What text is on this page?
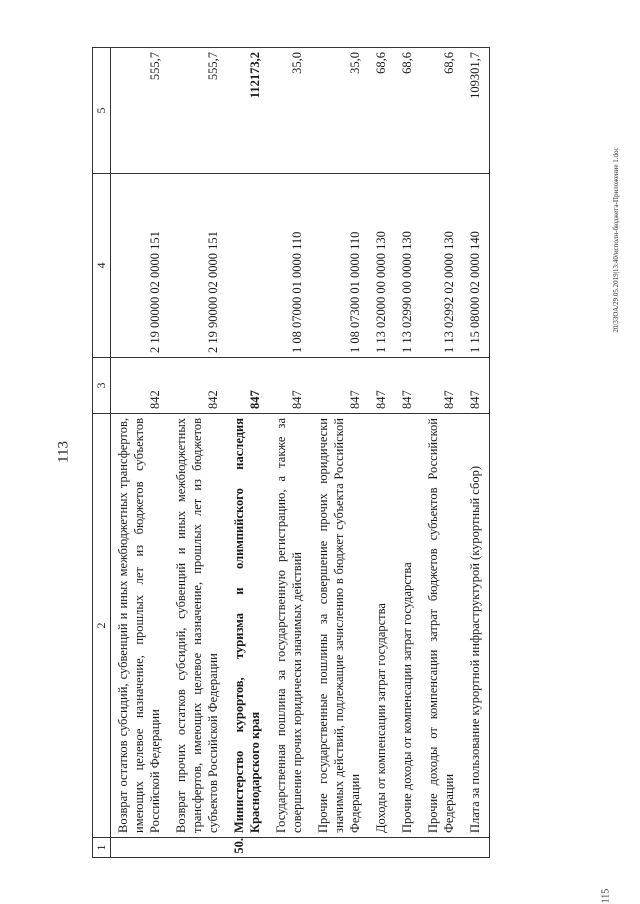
113
1	2	3	4	5
	Возврат остатков субсидий, субвенций и иных межбюджетных трансфертов, имеющих целевое назначение, прошлых лет из бюджетов субъектов Российской Федерации	842	2 19 00000 02 0000 151	555,7
	Возврат прочих остатков субсидий, субвенций и иных межбюджетных трансфертов, имеющих целевое назначение, прошлых лет из бюджетов субъектов Российской Федерации	842	2 19 90000 02 0000 151	555,7
50.	Министерство курортов, туризма и олимпийского наследия Краснодарского края	847		112173,2
	Государственная пошлина за государственную регистрацию, а также за совершение прочих юридически значимых действий	847	1 08 07000 01 0000 110	35,0
	Прочие государственные пошлины за совершение прочих юридически значимых действий, подлежащие зачислению в бюджет субъекта Российской Федерации	847	1 08 07300 01 0000 110	35,0
	Доходы от компенсации затрат государства	847	1 13 02000 00 0000 130	68,6
	Прочие доходы от компенсации затрат государства	847	1 13 02990 00 0000 130	68,6
	Прочие доходы от компенсации затрат бюджетов субъектов Российской Федерации	847	1 13 02992 02 0000 130	68,6
	Плата за пользование курортной инфраструктурой (курортный сбор)	847	1 15 08000 02 0000 140	109301,7
20/3ЗОА/29.05.2019|13:40/исполн-бюджета-Приложение 1.doc
115
